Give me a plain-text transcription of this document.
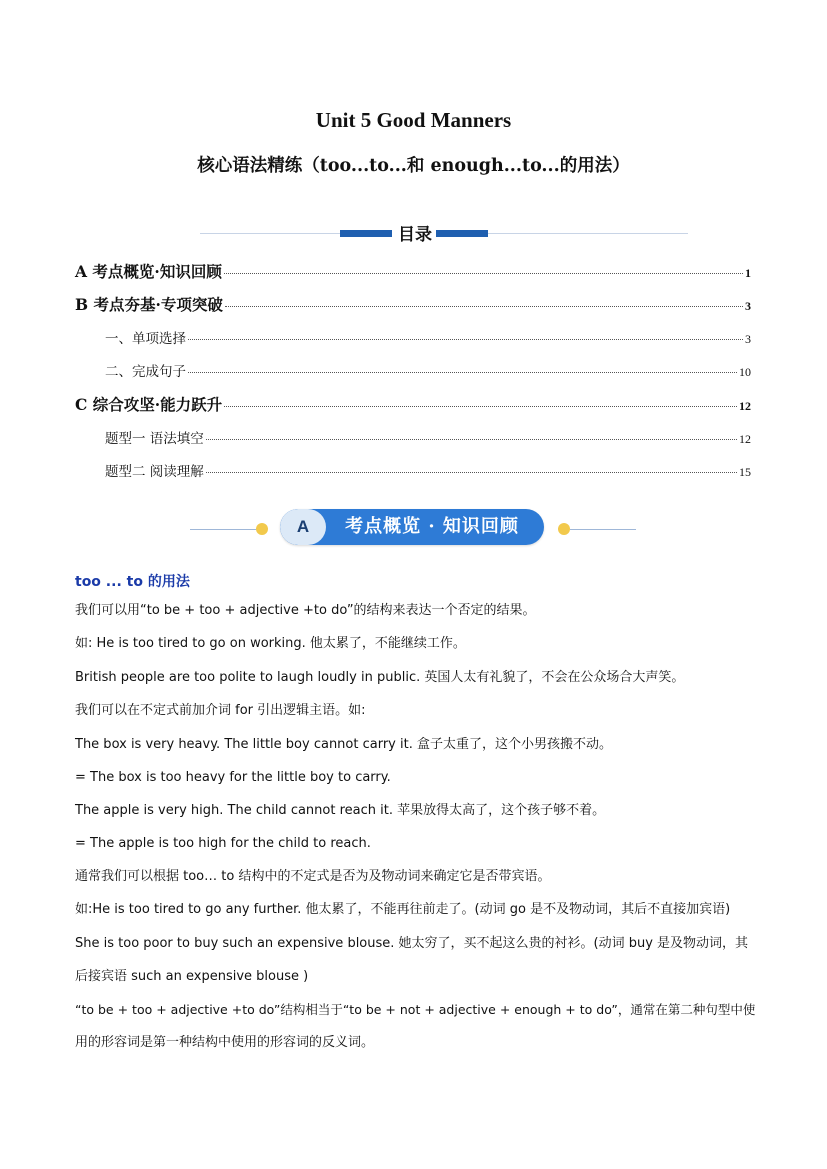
Unit 5 Good Manners
核心语法精练（too...to...和 enough...to...的用法）
目录
A 考点概览·知识回顾	1
B 考点夯基·专项突破	3
一、单项选择	3
二、完成句子	10
C 综合攻坚·能力跃升	12
题型一 语法填空	12
题型二 阅读理解	15
A	考点概览 · 知识回顾
too ... to 的用法
我们可以用“to be + too + adjective +to do”的结构来表达一个否定的结果。
如: He is too tired to go on working. 他太累了，不能继续工作。
British people are too polite to laugh loudly in public. 英国人太有礼貌了，不会在公众场合大声笑。
我们可以在不定式前加介词 for 引出逻辑主语。如:
The box is very heavy. The little boy cannot carry it. 盒子太重了，这个小男孩搬不动。
= The box is too heavy for the little boy to carry.
The apple is very high. The child cannot reach it. 苹果放得太高了，这个孩子够不着。
= The apple is too high for the child to reach.
通常我们可以根据 too… to 结构中的不定式是否为及物动词来确定它是否带宾语。
如:He is too tired to go any further. 他太累了，不能再往前走了。(动词 go 是不及物动词，其后不直接加宾语)
She is too poor to buy such an expensive blouse. 她太穷了，买不起这么贵的衬衫。(动词 buy 是及物动词，其
后接宾语 such an expensive blouse )
“to be + too + adjective +to do”结构相当于“to be + not + adjective + enough + to do”，通常在第二种句型中使
用的形容词是第一种结构中使用的形容词的反义词。
